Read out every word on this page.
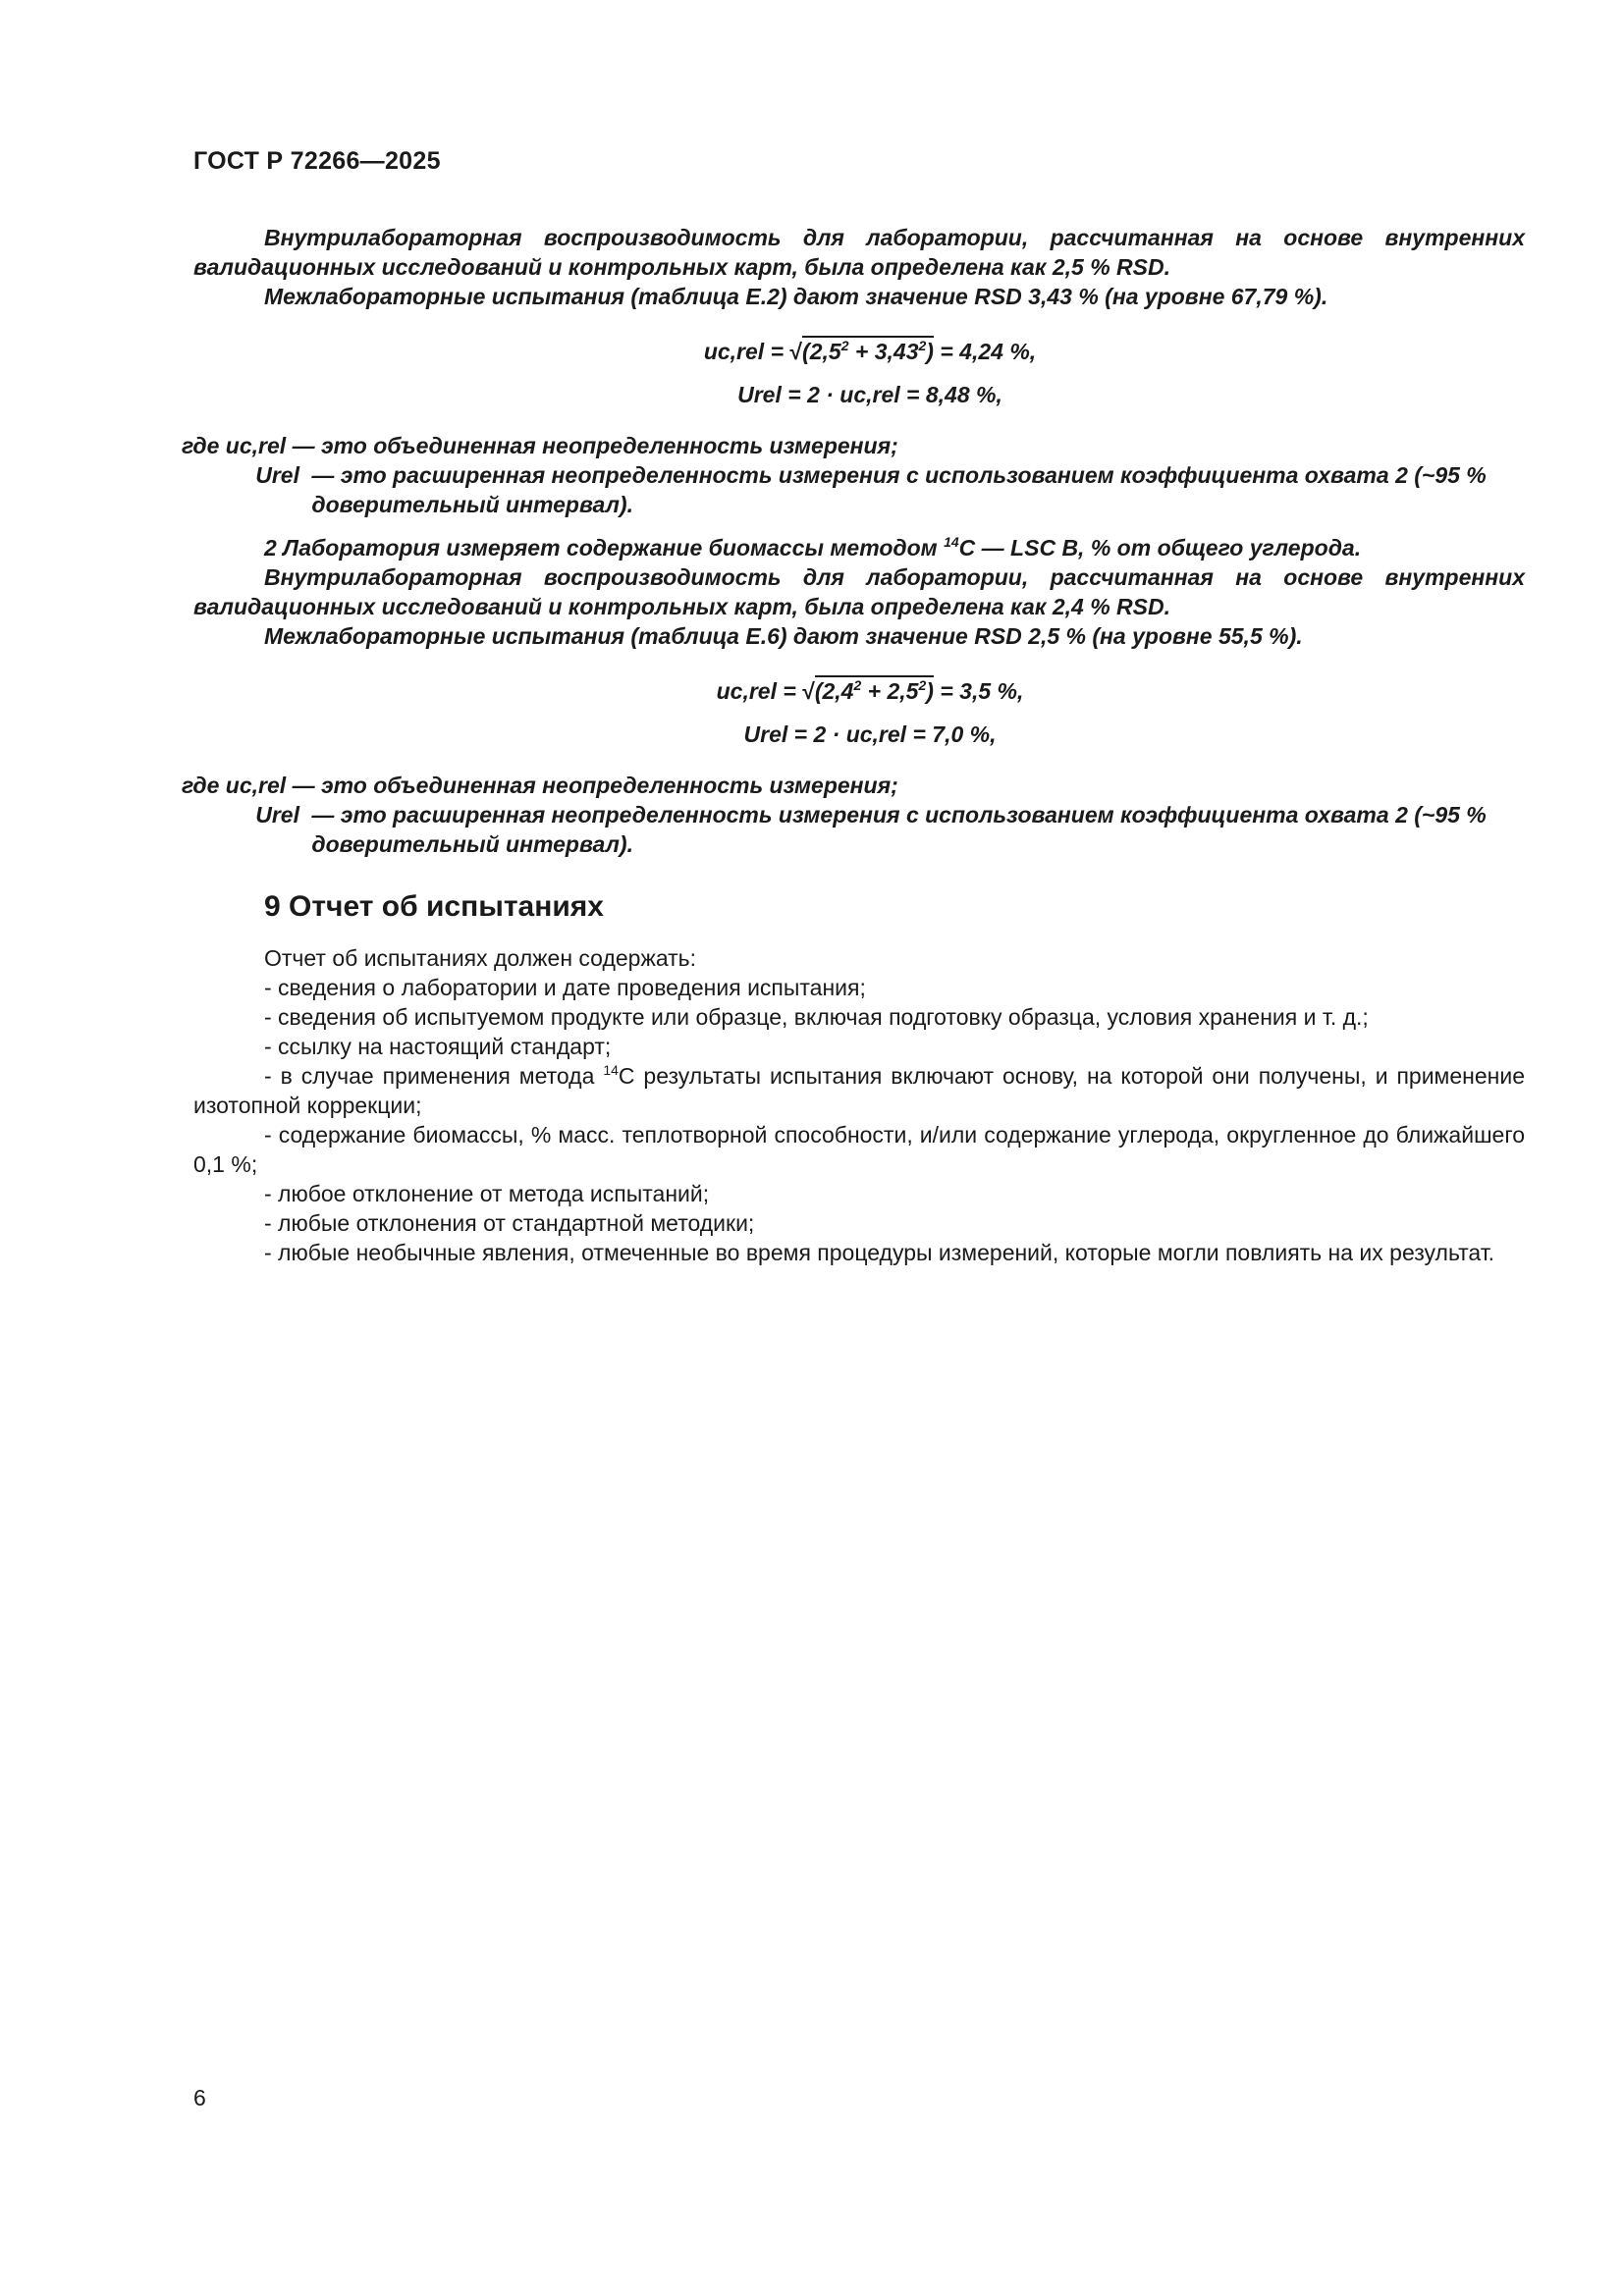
ГОСТ Р 72266—2025

Внутрилабораторная воспроизводимость для лаборатории, рассчитанная на основе внутренних валидационных исследований и контрольных карт, была определена как 2,5 % RSD.

Межлабораторные испытания (таблица Е.2) дают значение RSD 3,43 % (на уровне 67,79 %).

$uc,rel = √(2,5^2 + 3,43^2) = 4,24$ %,

Urel = 2 · uc,rel = 8,48 %,

где uc,rel — это объединенная неопределенность измерения;

Urel — это расширенная неопределенность измерения с использованием коэффициента охвата 2 (~95 % доверительный интервал).

2 Лаборатория измеряет содержание биомассы методом $^{14}$С — LSC B, % от общего углерода.

Внутрилабораторная воспроизводимость для лаборатории, рассчитанная на основе внутренних валидационных исследований и контрольных карт, была определена как 2,4 % RSD.

Межлабораторные испытания (таблица Е.6) дают значение RSD 2,5 % (на уровне 55,5 %).

$uc,rel = √(2,4^2 + 2,5^2) = 3,5$ %,

Urel = 2 · uc,rel = 7,0 %,

где uc,rel — это объединенная неопределенность измерения;

Urel — это расширенная неопределенность измерения с использованием коэффициента охвата 2 (~95 % доверительный интервал).
9 Отчет об испытаниях

Отчет об испытаниях должен содержать:

- сведения о лаборатории и дате проведения испытания;

- сведения об испытуемом продукте или образце, включая подготовку образца, условия хранения и т. д.;

- ссылку на настоящий стандарт;

- в случае применения метода $^{14}$С результаты испытания включают основу, на которой они получены, и применение изотопной коррекции;

- содержание биомассы, % масс. теплотворной способности, и/или содержание углерода, округленное до ближайшего 0,1 %;

- любое отклонение от метода испытаний;

- любые отклонения от стандартной методики;

- любые необычные явления, отмеченные во время процедуры измерений, которые могли повлиять на их результат.

6
